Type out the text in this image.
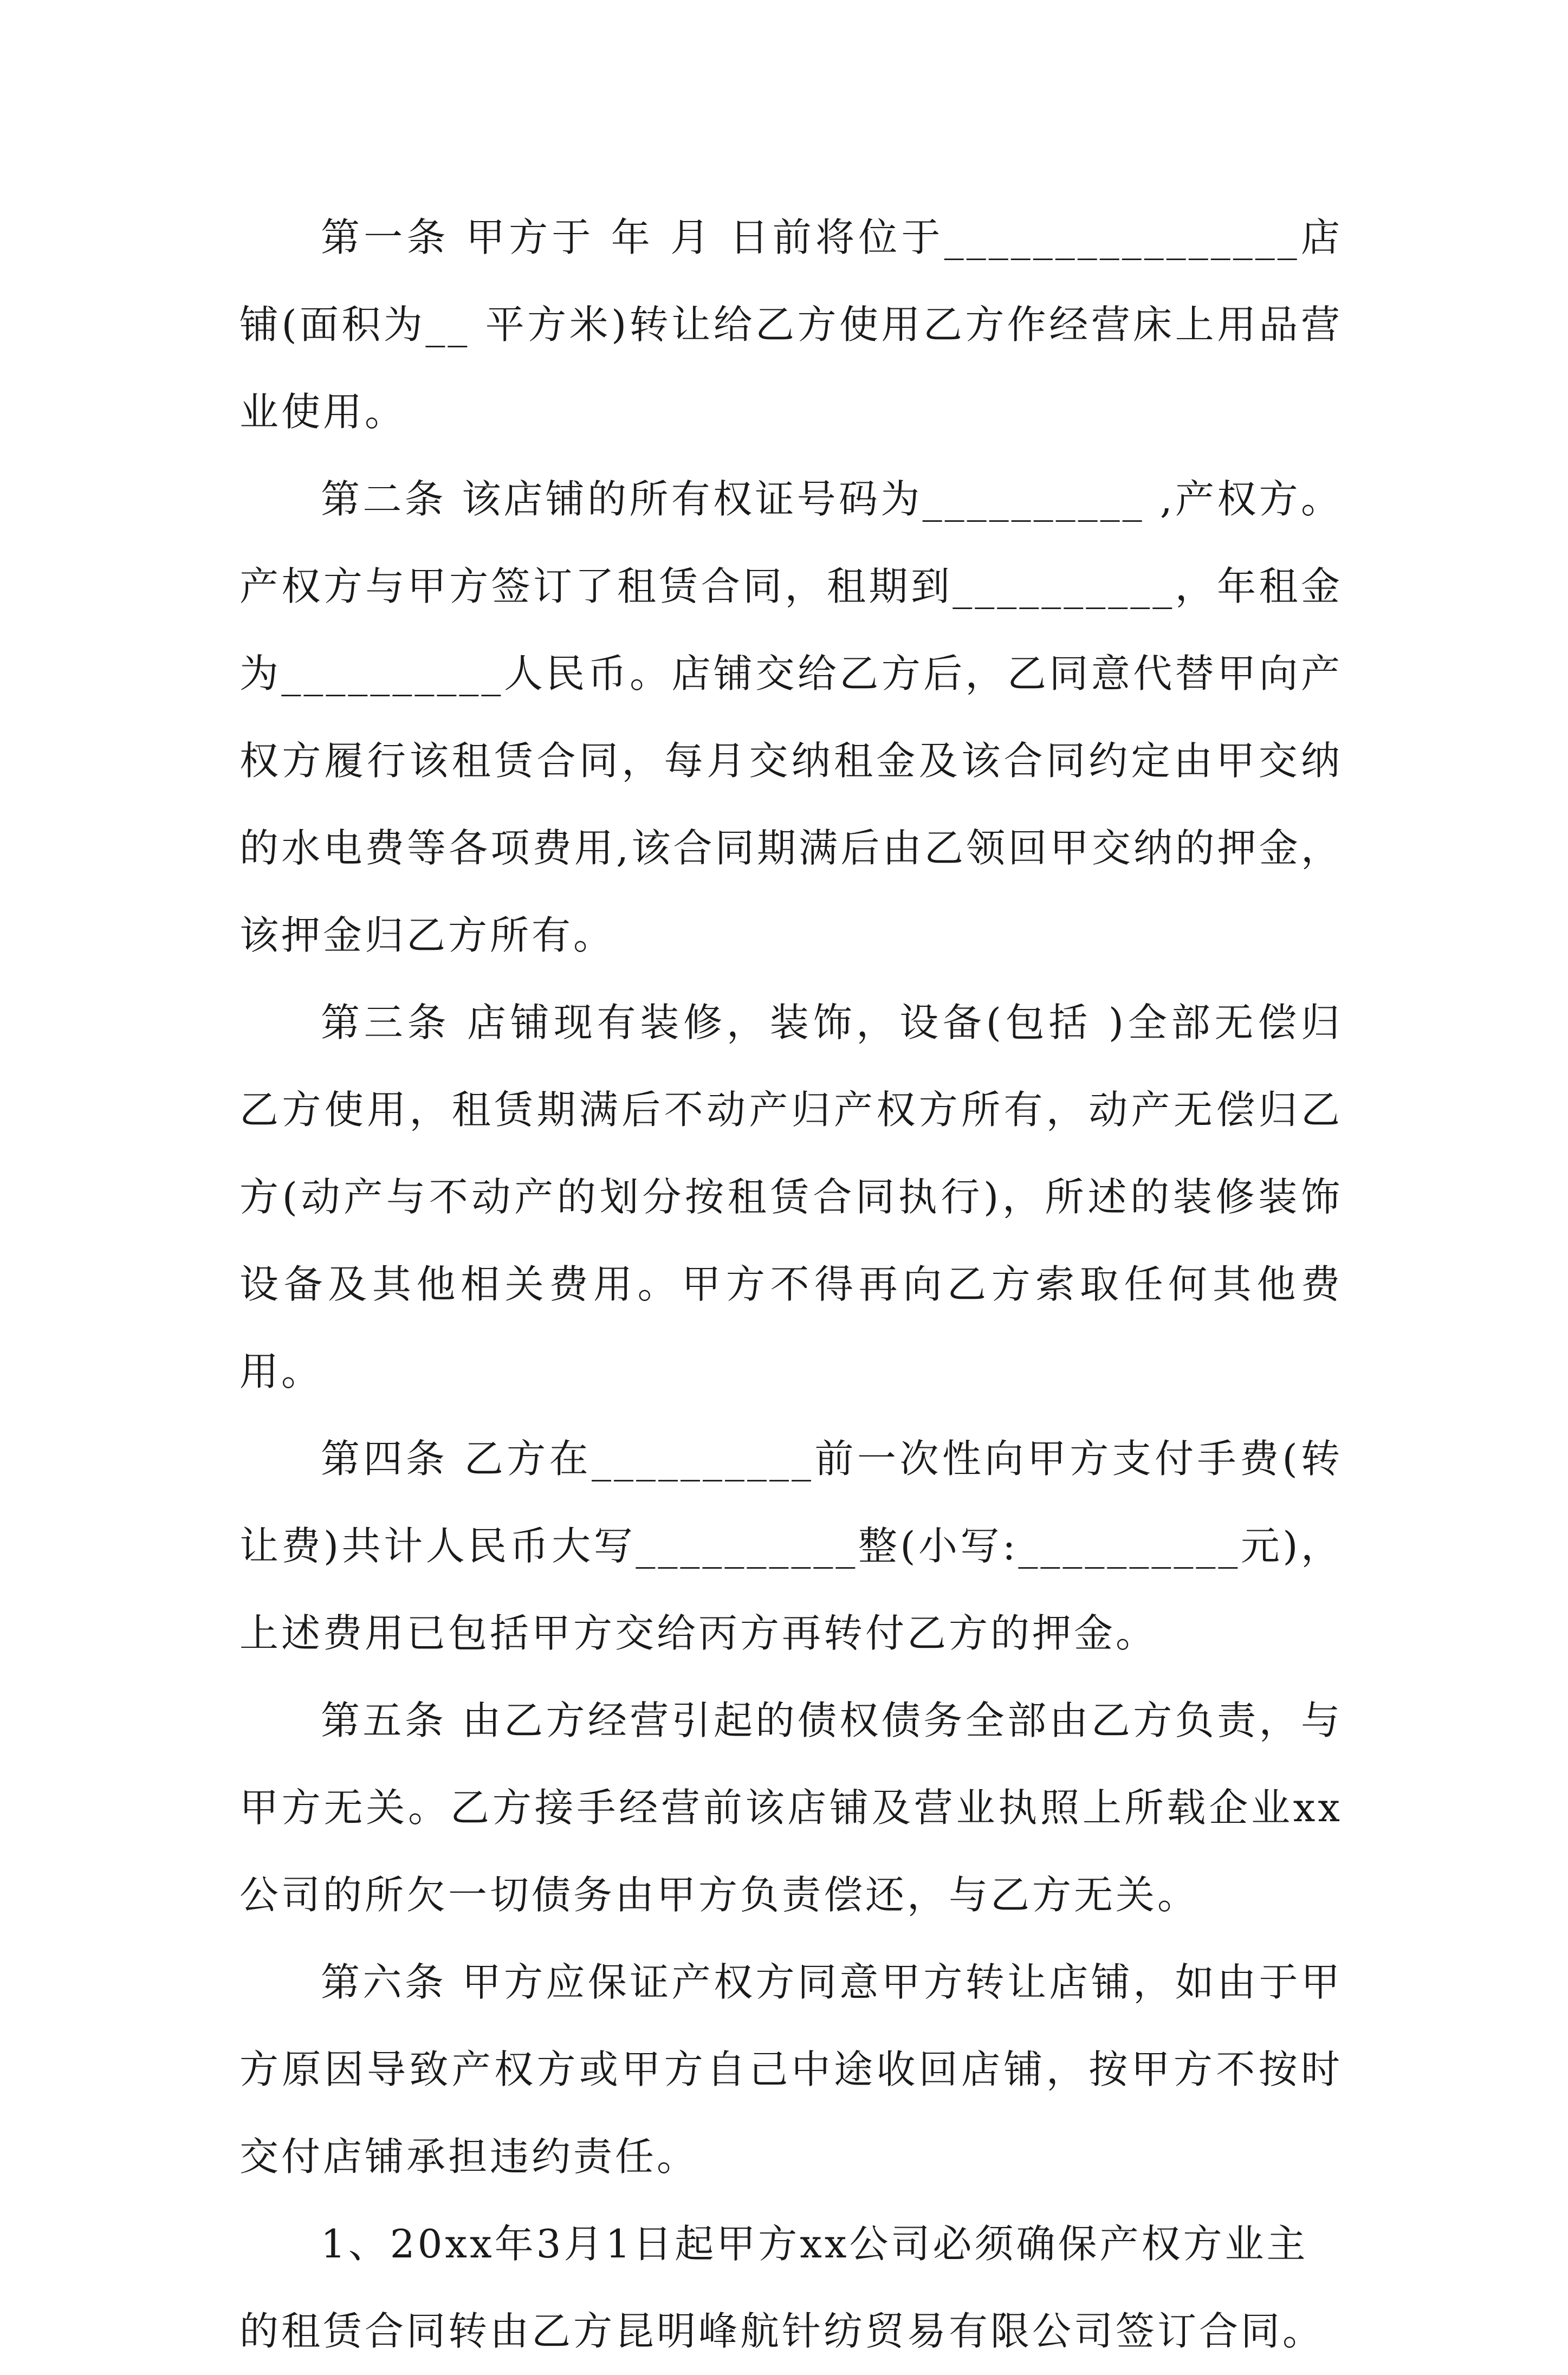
第一条 甲方于 年 月 日前将位于________________店铺(面积为__ 平方米)转让给乙方使用乙方作经营床上用品营业使用。

第二条 该店铺的所有权证号码为__________ ,产权方。产权方与甲方签订了租赁合同，租期到__________，年租金为__________人民币。店铺交给乙方后，乙同意代替甲向产权方履行该租赁合同，每月交纳租金及该合同约定由甲交纳的水电费等各项费用,该合同期满后由乙领回甲交纳的押金，该押金归乙方所有。

第三条 店铺现有装修，装饰，设备(包括 )全部无偿归乙方使用，租赁期满后不动产归产权方所有，动产无偿归乙方(动产与不动产的划分按租赁合同执行)，所述的装修装饰设备及其他相关费用。甲方不得再向乙方索取任何其他费用。

第四条 乙方在__________前一次性向甲方支付手费(转让费)共计人民币大写__________整(小写:__________元)，上述费用已包括甲方交给丙方再转付乙方的押金。

第五条 由乙方经营引起的债权债务全部由乙方负责，与甲方无关。乙方接手经营前该店铺及营业执照上所载企业xx公司的所欠一切债务由甲方负责偿还，与乙方无关。

第六条 甲方应保证产权方同意甲方转让店铺，如由于甲方原因导致产权方或甲方自己中途收回店铺，按甲方不按时交付店铺承担违约责任。

1、20xx年3月1日起甲方xx公司必须确保产权方业主的租赁合同转由乙方昆明峰航针纺贸易有限公司签订合同。
